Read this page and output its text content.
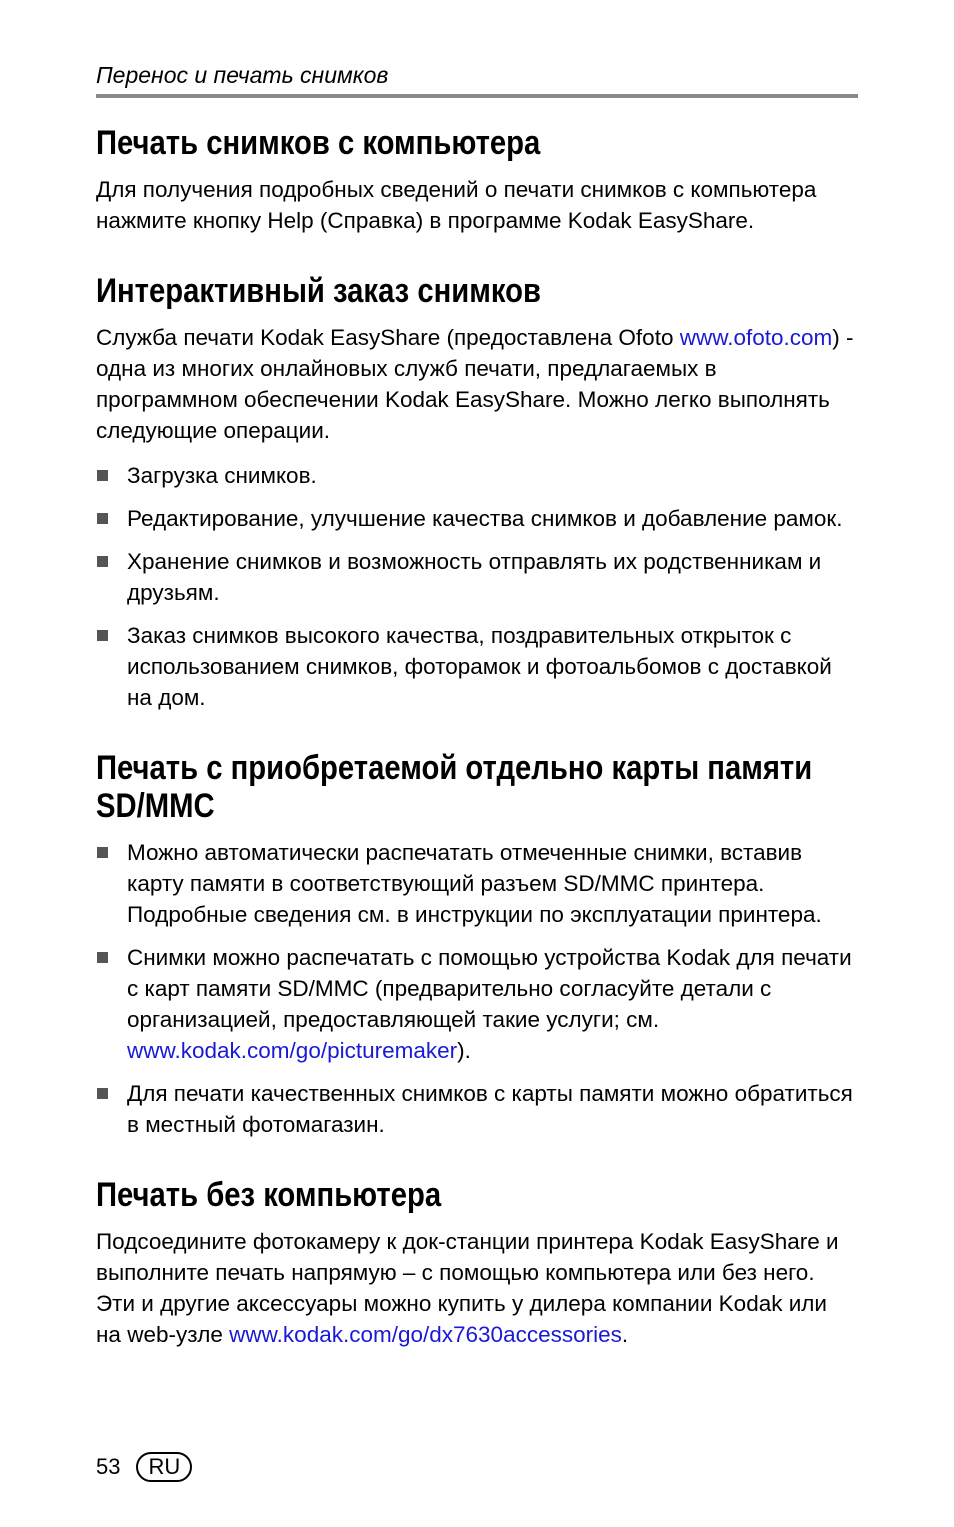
Перенос и печать снимков
Печать снимков с компьютера

Для получения подробных сведений о печати снимков с компьютера нажмите кнопку Help (Справка) в программе Kodak EasyShare.

Интерактивный заказ снимков

Служба печати Kodak EasyShare (предоставлена Ofoto www.ofoto.com) - одна из многих онлайновых служб печати, предлагаемых в программном обеспечении Kodak EasyShare. Можно легко выполнять следующие операции.

Загрузка снимков.
Редактирование, улучшение качества снимков и добавление рамок.
Хранение снимков и возможность отправлять их родственникам и друзьям.
Заказ снимков высокого качества, поздравительных открыток с использованием снимков, фоторамок и фотоальбомов с доставкой на дом.
Печать с приобретаемой отдельно карты памяти SD/MMC
Можно автоматически распечатать отмеченные снимки, вставив карту памяти в соответствующий разъем SD/MMC принтера. Подробные сведения см. в инструкции по эксплуатации принтера.
Снимки можно распечатать с помощью устройства Kodak для печати с карт памяти SD/MMC (предварительно согласуйте детали с организацией, предоставляющей такие услуги; см. www.kodak.com/go/picturemaker).
Для печати качественных снимков с карты памяти можно обратиться в местный фотомагазин.
Печать без компьютера

Подсоедините фотокамеру к док-станции принтера Kodak EasyShare и выполните печать напрямую – с помощью компьютера или без него. Эти и другие аксессуары можно купить у дилера компании Kodak или на web-узле www.kodak.com/go/dx7630accessories.

53	RU
